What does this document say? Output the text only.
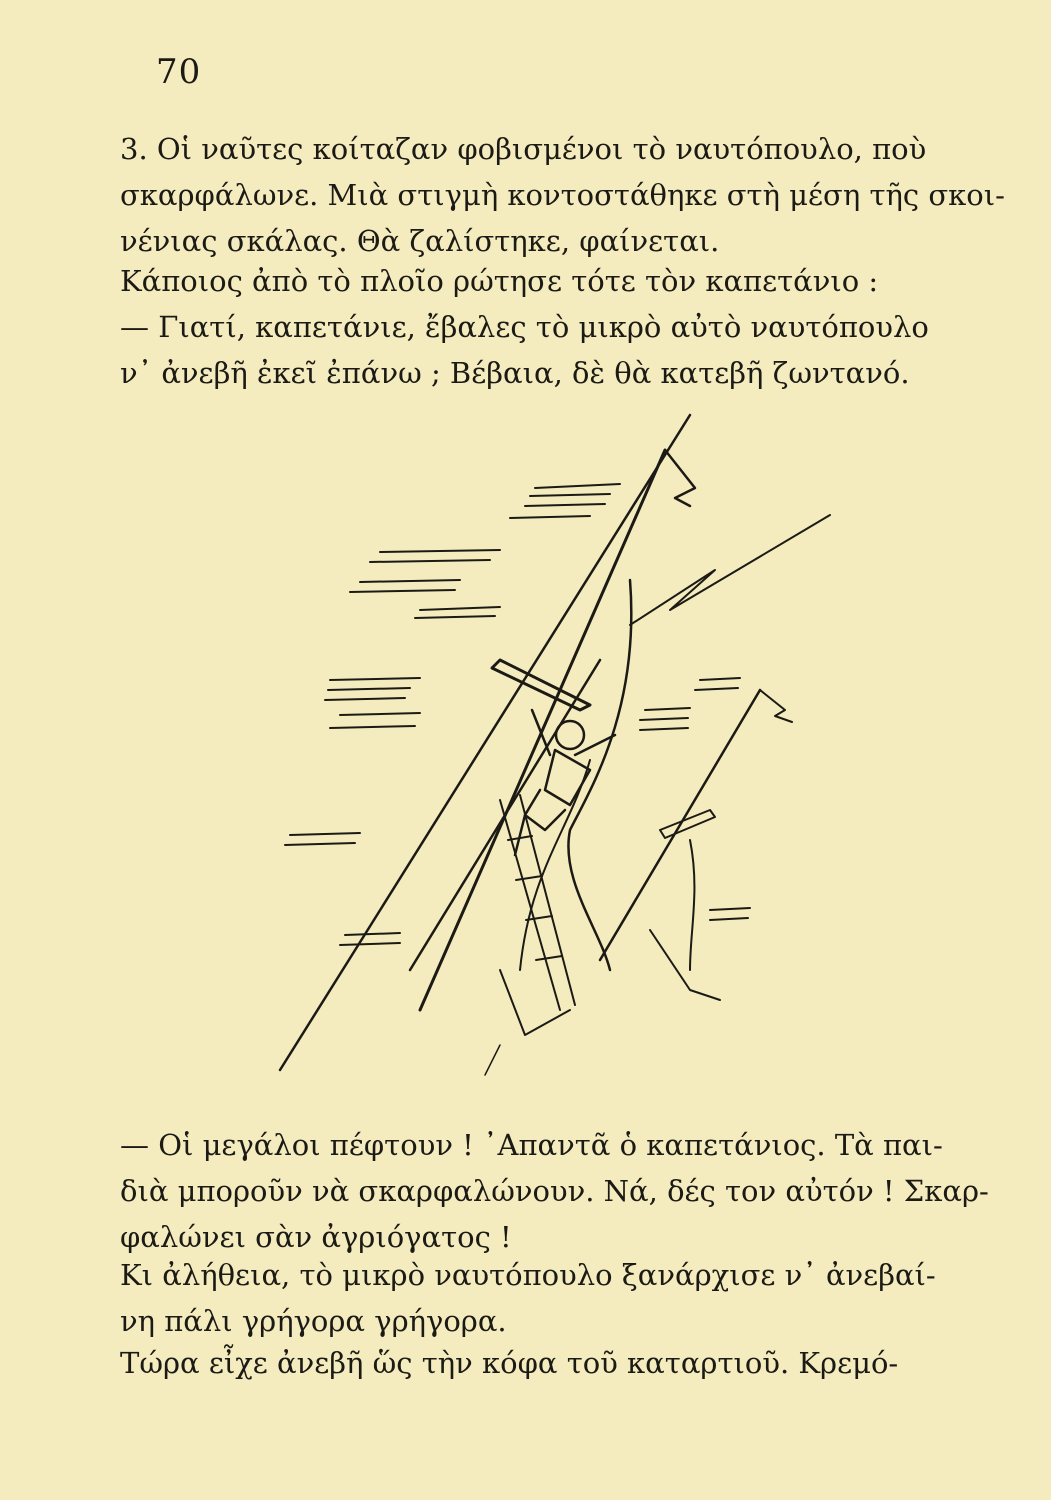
70

3. Οἱ ναῦτες κοίταζαν φοβισμένοι τὸ ναυτόπουλο, ποὺ
σκαρφάλωνε. Μιὰ στιγμὴ κοντοστάθηκε στὴ μέση τῆς σκοι-
νένιας σκάλας. Θὰ ζαλίστηκε, φαίνεται.

Κάποιος ἀπὸ τὸ πλοῖο ρώτησε τότε τὸν καπετάνιο :
— Γιατί, καπετάνιε, ἔβαλες τὸ μικρὸ αὐτὸ ναυτόπουλο
ν᾽ ἀνεβῆ ἐκεῖ ἐπάνω ; Βέβαια, δὲ θὰ κατεβῆ ζωντανό.

— Οἱ μεγάλοι πέφτουν ! ᾿Απαντᾶ ὁ καπετάνιος. Τὰ παι-
διὰ μποροῦν νὰ σκαρφαλώνουν. Νά, δές τον αὐτόν ! Σκαρ-
φαλώνει σὰν ἀγριόγατος !

Κι ἀλήθεια, τὸ μικρὸ ναυτόπουλο ξανάρχισε ν᾽ ἀνεβαί-
νη πάλι γρήγορα γρήγορα.

Τώρα εἶχε ἀνεβῆ ὥς τὴν κόφα τοῦ καταρτιοῦ. Κρεμό-
